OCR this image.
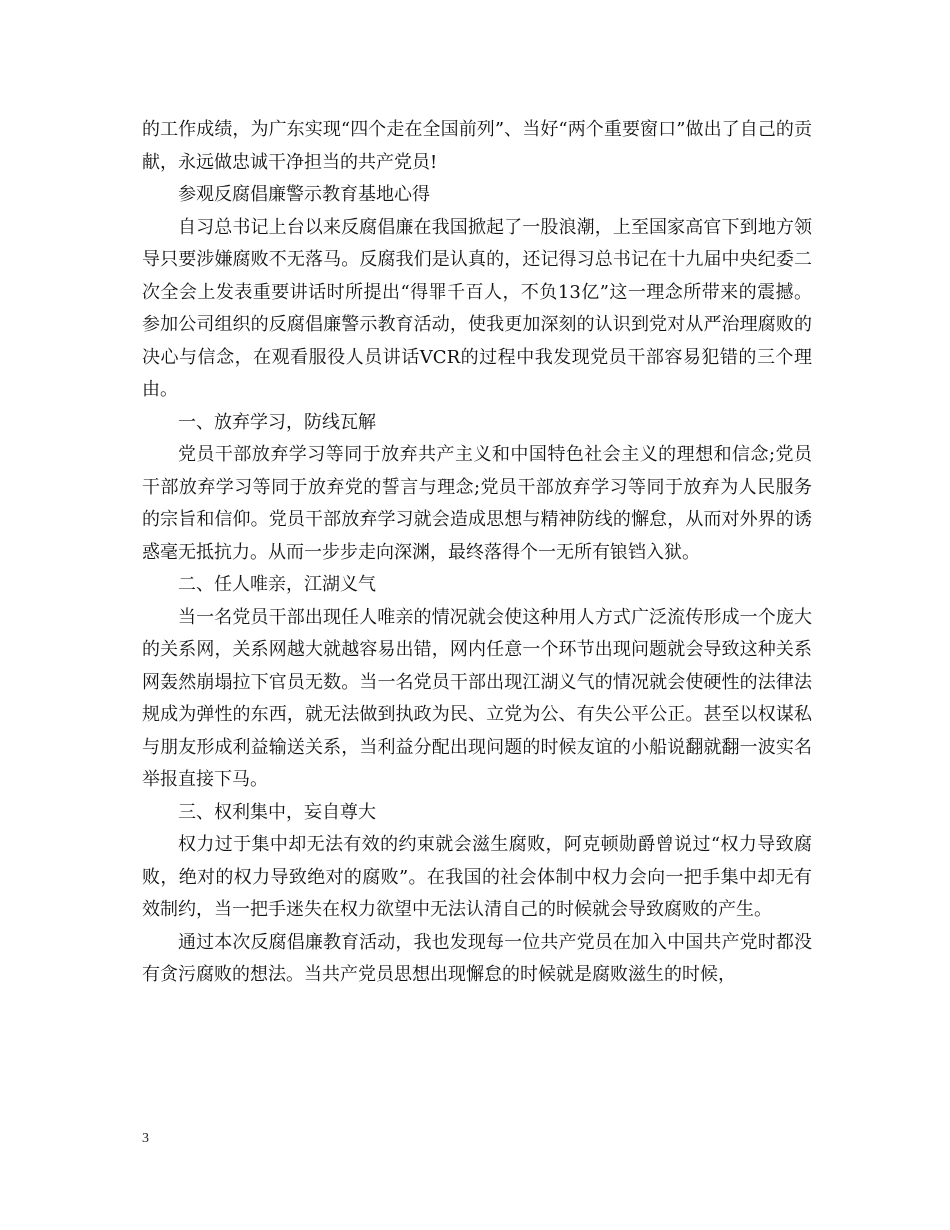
的工作成绩，为广东实现“四个走在全国前列”、当好“两个重要窗口”做出了自己的贡献，永远做忠诚干净担当的共产党员!

参观反腐倡廉警示教育基地心得

自习总书记上台以来反腐倡廉在我国掀起了一股浪潮，上至国家高官下到地方领导只要涉嫌腐败不无落马。反腐我们是认真的，还记得习总书记在十九届中央纪委二次全会上发表重要讲话时所提出“得罪千百人，不负13亿”这一理念所带来的震撼。参加公司组织的反腐倡廉警示教育活动，使我更加深刻的认识到党对从严治理腐败的决心与信念，在观看服役人员讲话VCR的过程中我发现党员干部容易犯错的三个理由。

一、放弃学习，防线瓦解

党员干部放弃学习等同于放弃共产主义和中国特色社会主义的理想和信念;党员干部放弃学习等同于放弃党的誓言与理念;党员干部放弃学习等同于放弃为人民服务的宗旨和信仰。党员干部放弃学习就会造成思想与精神防线的懈怠，从而对外界的诱惑毫无抵抗力。从而一步步走向深渊，最终落得个一无所有锒铛入狱。

二、任人唯亲，江湖义气

当一名党员干部出现任人唯亲的情况就会使这种用人方式广泛流传形成一个庞大的关系网，关系网越大就越容易出错，网内任意一个环节出现问题就会导致这种关系网轰然崩塌拉下官员无数。当一名党员干部出现江湖义气的情况就会使硬性的法律法规成为弹性的东西，就无法做到执政为民、立党为公、有失公平公正。甚至以权谋私与朋友形成利益输送关系，当利益分配出现问题的时候友谊的小船说翻就翻一波实名举报直接下马。

三、权利集中，妄自尊大

权力过于集中却无法有效的约束就会滋生腐败，阿克顿勋爵曾说过“权力导致腐败，绝对的权力导致绝对的腐败”。在我国的社会体制中权力会向一把手集中却无有效制约，当一把手迷失在权力欲望中无法认清自己的时候就会导致腐败的产生。

通过本次反腐倡廉教育活动，我也发现每一位共产党员在加入中国共产党时都没有贪污腐败的想法。当共产党员思想出现懈怠的时候就是腐败滋生的时候，

3
